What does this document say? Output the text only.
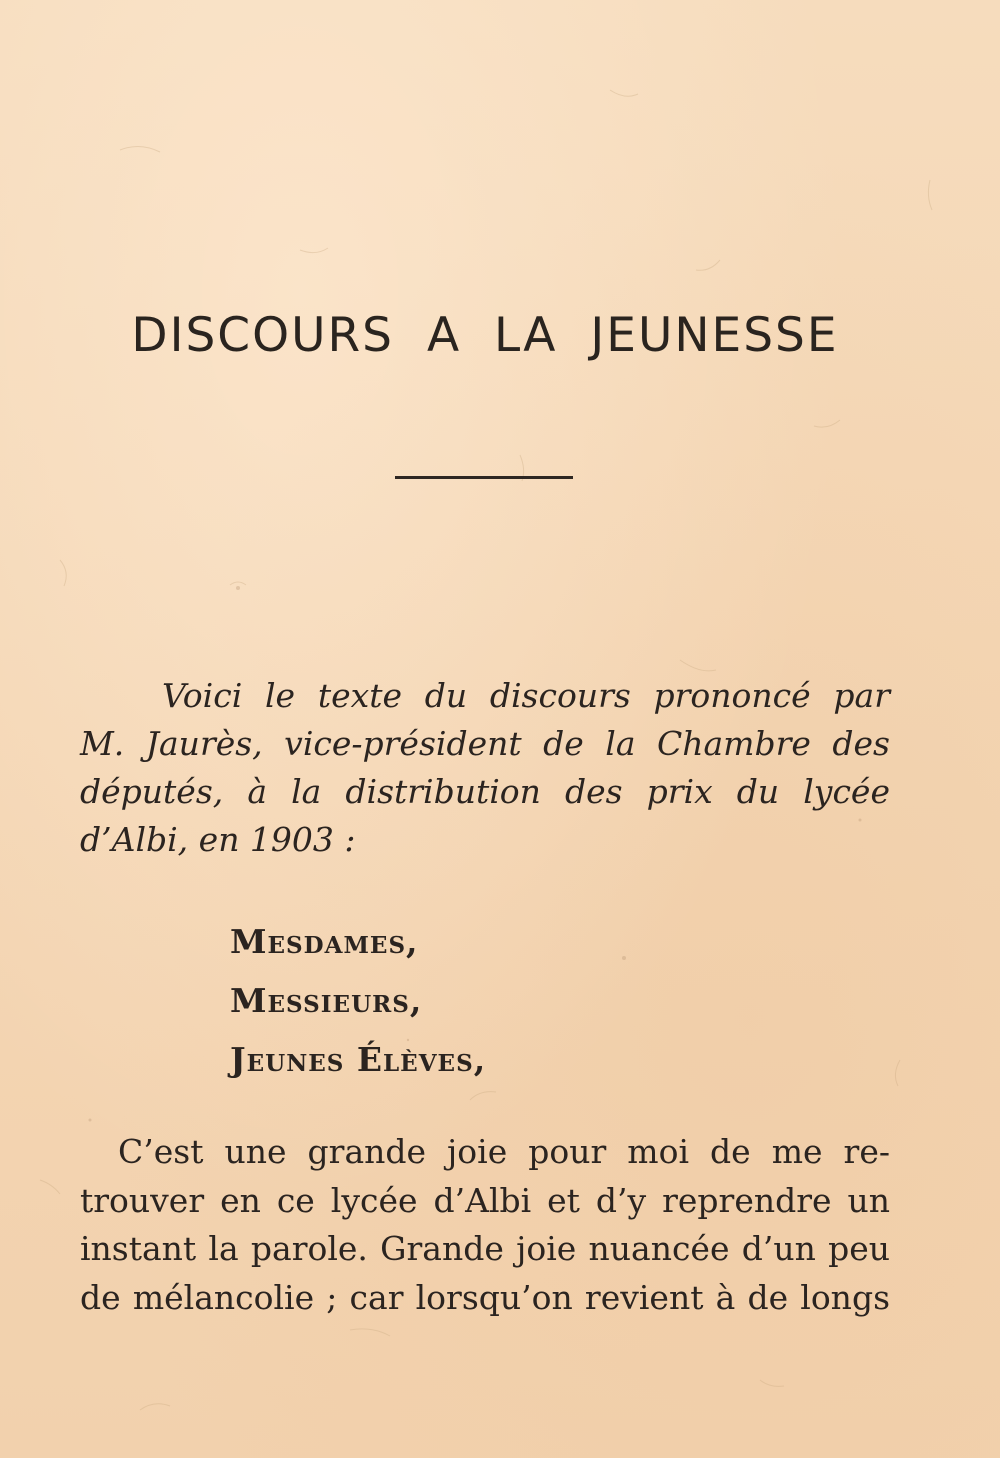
DISCOURS A LA JEUNESSE
Voici le texte du discours prononcé par
M. Jaurès, vice-président de la Chambre des
députés, à la distribution des prix du lycée
d’Albi, en 1903 :
Mesdames,
Messieurs,
Jeunes Élèves,
C’est une grande joie pour moi de me re-
trouver en ce lycée d’Albi et d’y reprendre un
instant la parole. Grande joie nuancée d’un peu
de mélancolie ; car lorsqu’on revient à de longs
